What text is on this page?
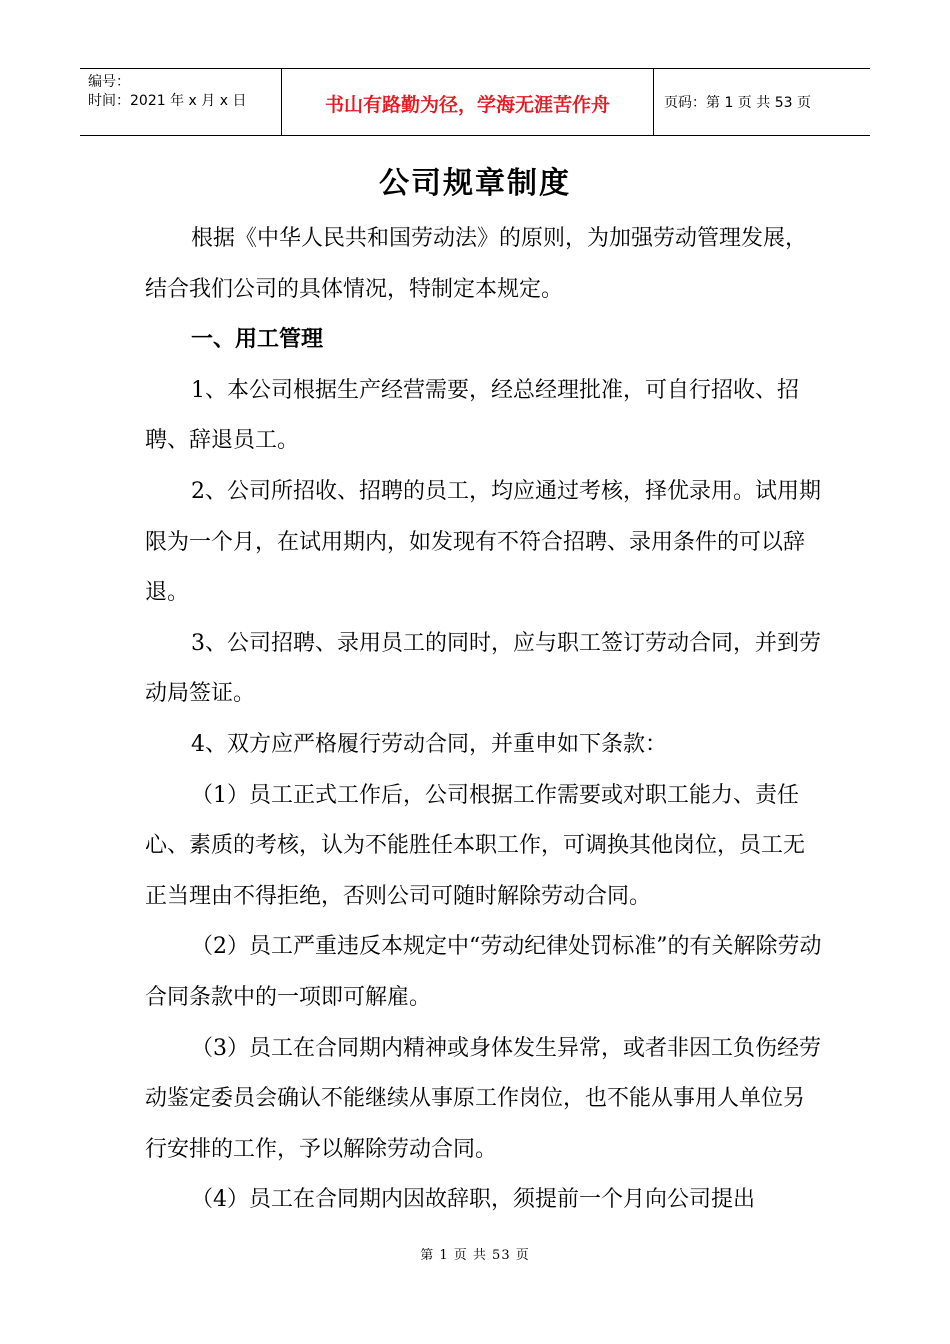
编号：
时间：2021 年 x 月 x 日	书山有路勤为径，学海无涯苦作舟	页码：第 1 页 共 53 页
公司规章制度

根据《中华人民共和国劳动法》的原则，为加强劳动管理发展，结合我们公司的具体情况，特制定本规定。

一、用工管理

1、本公司根据生产经营需要，经总经理批准，可自行招收、招聘、辞退员工。

2、公司所招收、招聘的员工，均应通过考核，择优录用。试用期限为一个月，在试用期内，如发现有不符合招聘、录用条件的可以辞退。

3、公司招聘、录用员工的同时，应与职工签订劳动合同，并到劳动局签证。

4、双方应严格履行劳动合同，并重申如下条款：

（1）员工正式工作后，公司根据工作需要或对职工能力、责任心、素质的考核，认为不能胜任本职工作，可调换其他岗位，员工无正当理由不得拒绝，否则公司可随时解除劳动合同。

（2）员工严重违反本规定中“劳动纪律处罚标准”的有关解除劳动合同条款中的一项即可解雇。

（3）员工在合同期内精神或身体发生异常，或者非因工负伤经劳动鉴定委员会确认不能继续从事原工作岗位，也不能从事用人单位另行安排的工作，予以解除劳动合同。

（4）员工在合同期内因故辞职，须提前一个月向公司提出

第 1 页 共 53 页
